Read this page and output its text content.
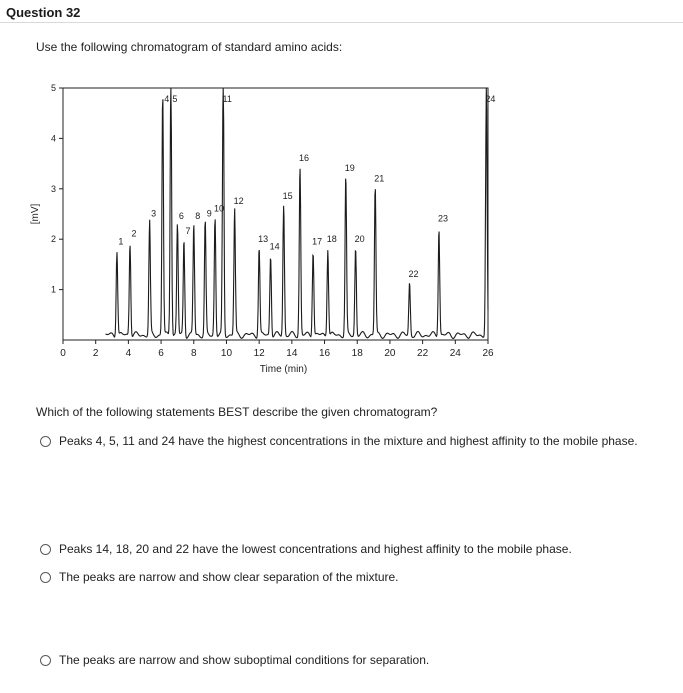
Question 32
Use the following chromatogram of standard amino acids:
1
2
3
4
5
0	2	4	6	8 10 12 14 16 18 20 22 24 26
Time (min)
[mV]
1
2
3
4 5
6
7
8 9
10
11
12
13
14
15
16
17 18
19
20
21
22
23
24
Which of the following statements BEST describe the given chromatogram?
Peaks 4, 5, 11 and 24 have the highest concentrations in the mixture and highest affinity to the mobile phase.
Peaks 14, 18, 20 and 22 have the lowest concentrations and highest affinity to the mobile phase.
The peaks are narrow and show clear separation of the mixture.
The peaks are narrow and show suboptimal conditions for separation.
